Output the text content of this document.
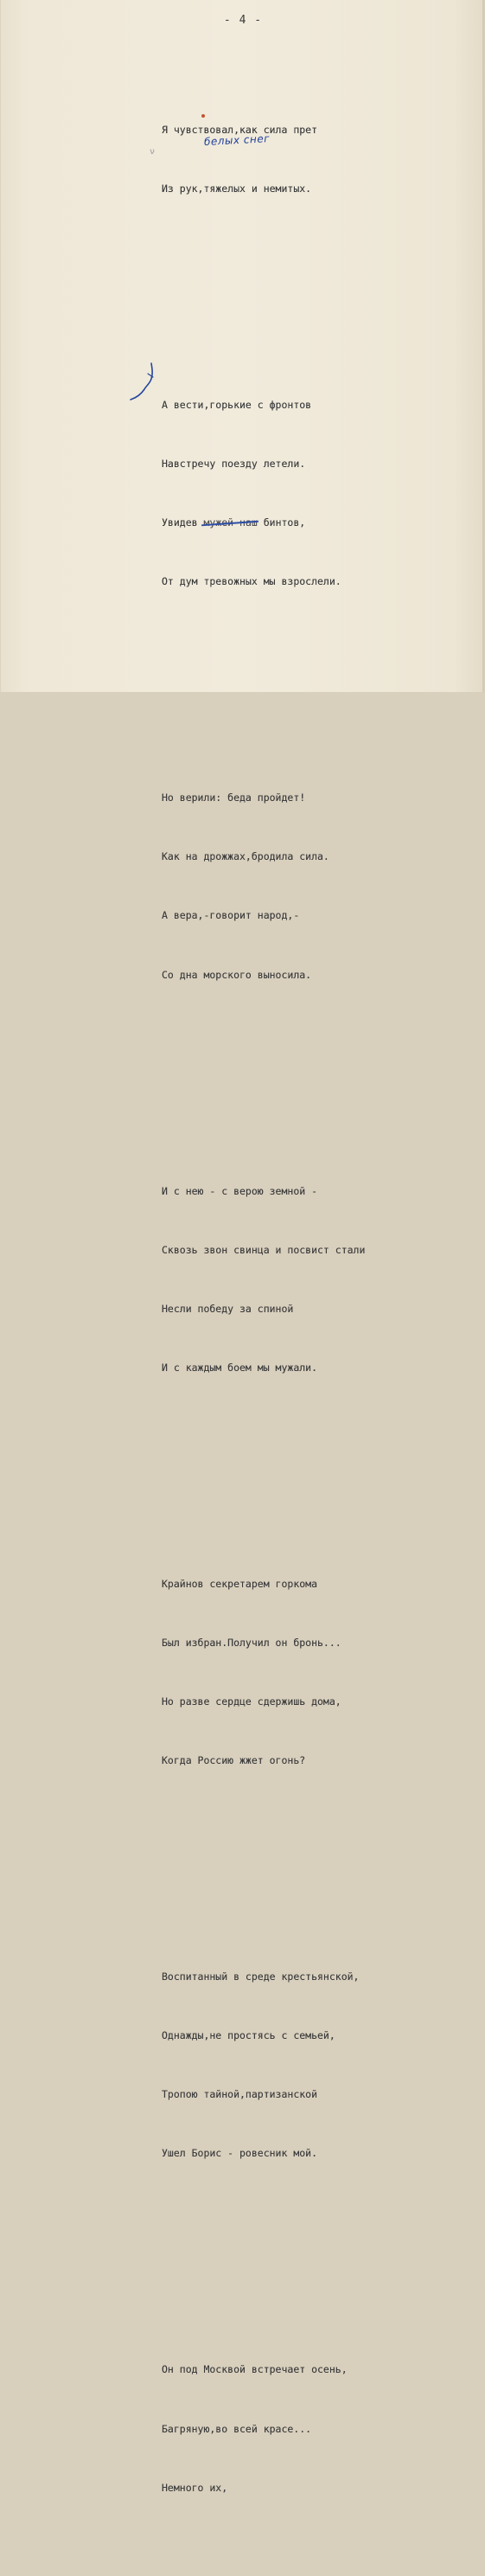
- 4 -
ν
белых снег

Я чувствовал,как сила прет

Из рук,тяжелых и немитых.

А вести,горькие с фронтов

Навстречу поезду летели.

Увидев мужей наш бинтов,

От дум тревожных мы взрослели.

Но верили: беда пройдет!

Как на дрожжах,бродила сила.

А вера,-говорит народ,-

Со дна морского выносила.

И с нею - с верою земной -

Сквозь звон свинца и посвист стали

Несли победу за спиной

И с каждым боем мы мужали.

Крайнов секретарем горкома

Был избран.Получил он бронь...

Но разве сердце сдержишь дома,

Когда Россию жжет огонь?

Воспитанный в среде крестьянской,

Однажды,не простясь с семьей,

Тропою тайной,партизанской

Ушел Борис - ровесник мой.

Он под Москвой встречает осень,

Багряную,во всей красе...

Немного их,
